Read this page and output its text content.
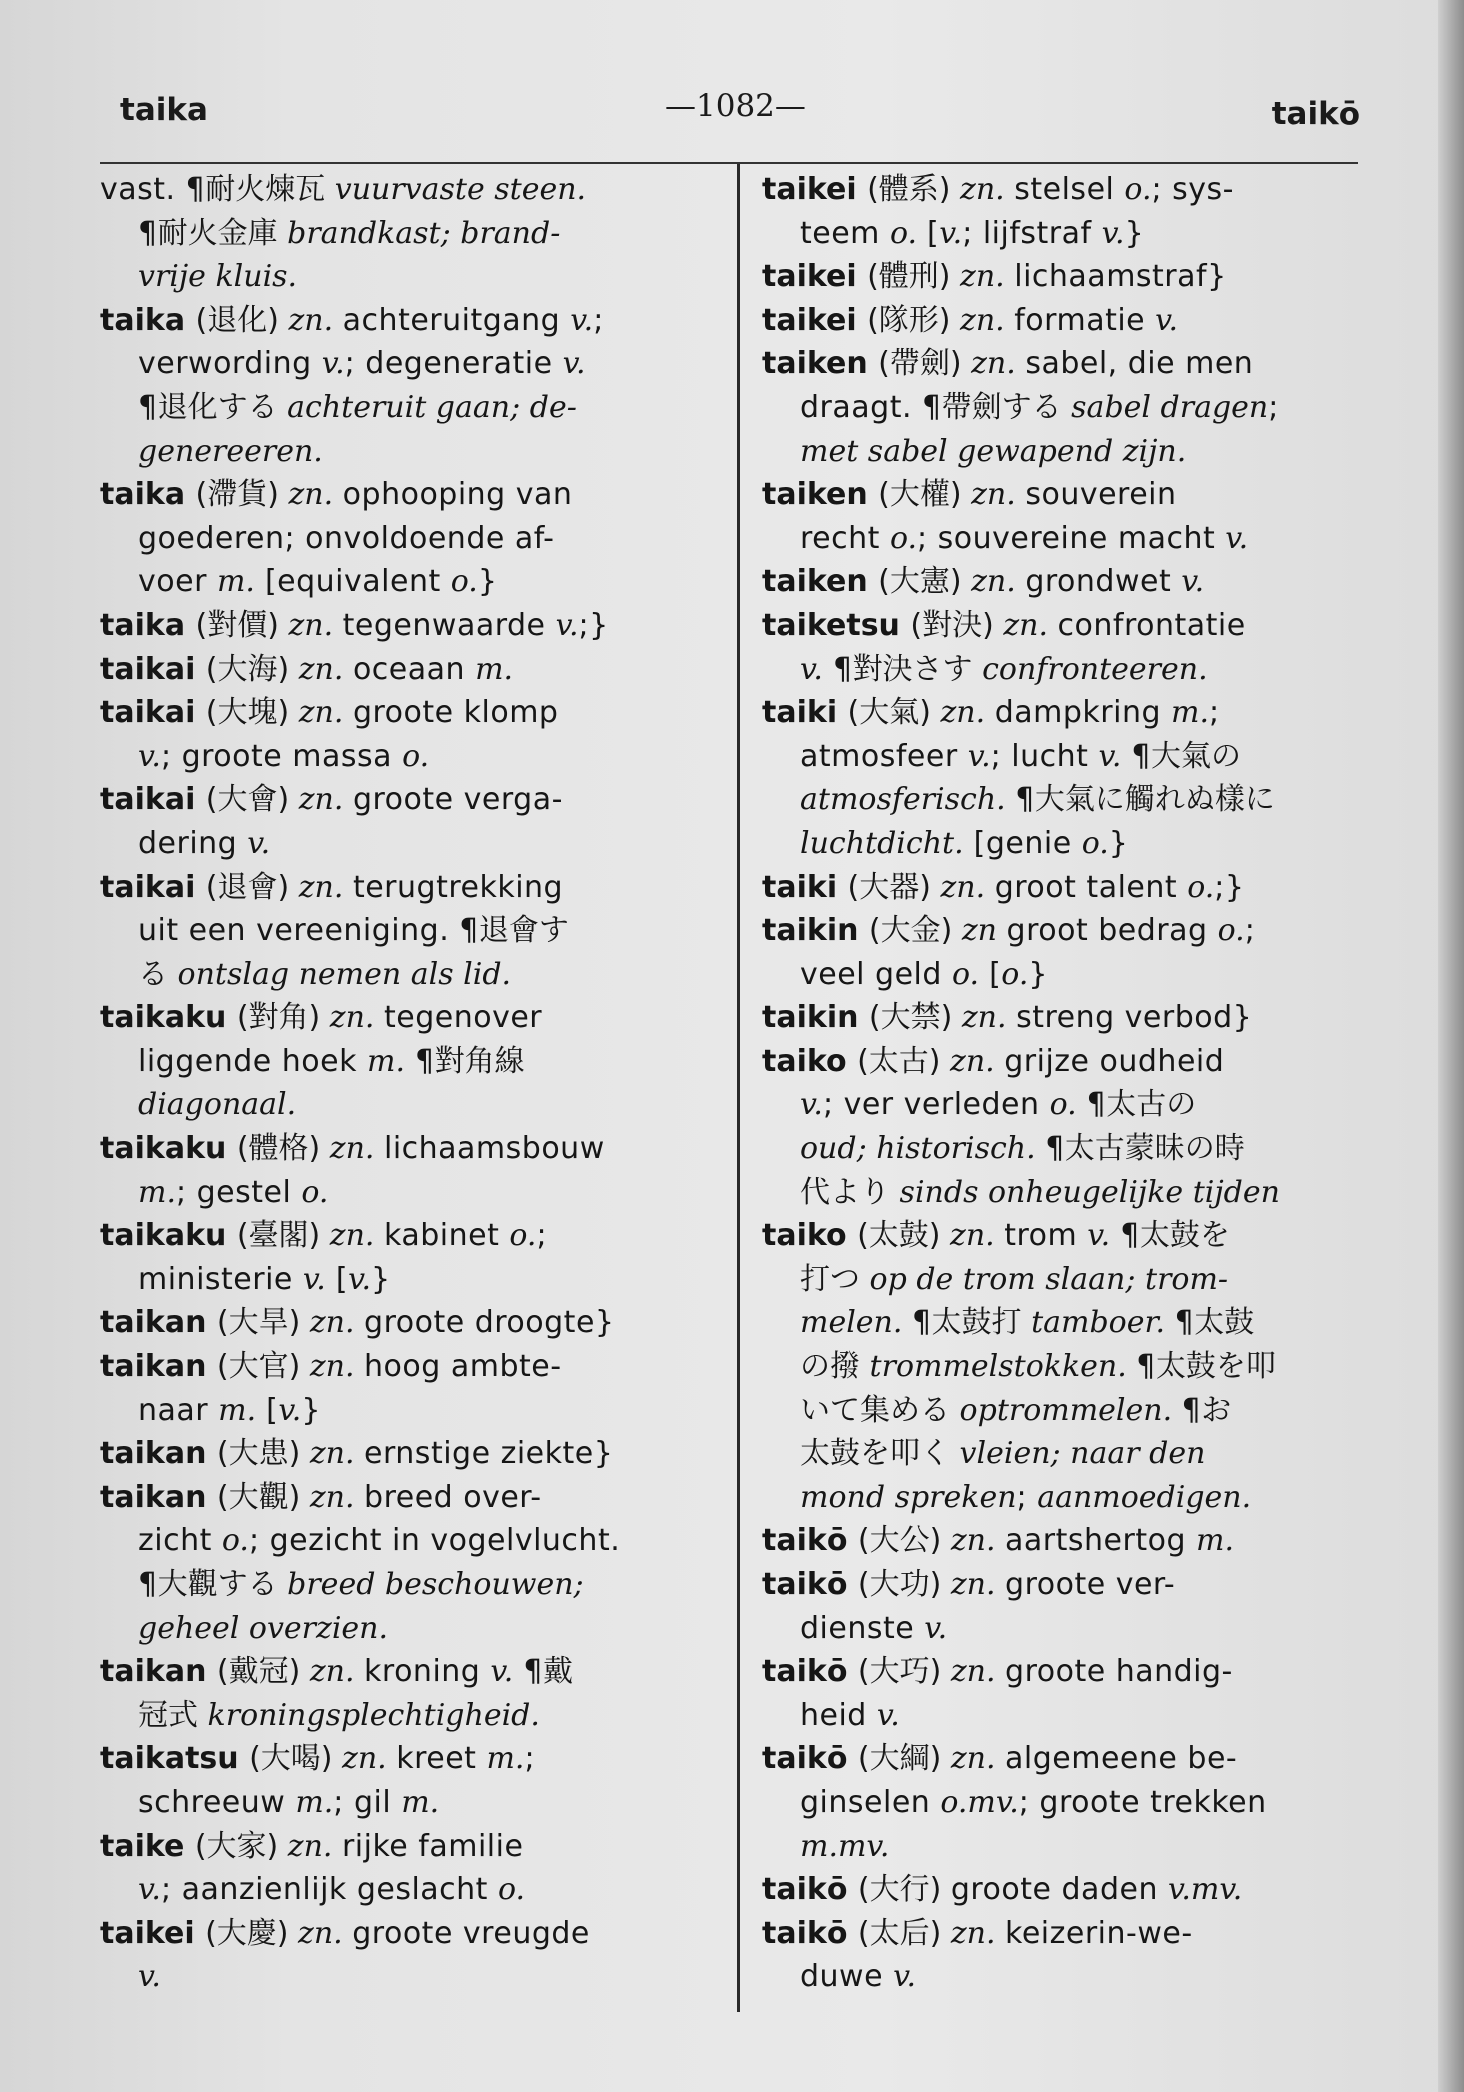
taika	—1082—	taikō
vast. ¶耐火煉瓦 vuurvaste steen.
¶耐火金庫 brandkast; brand-
vrije kluis.
taika (退化) zn. achteruitgang v.;
verwording v.; degeneratie v.
¶退化する achteruit gaan; de-
genereeren.
taika (滯貨) zn. ophooping van
goederen; onvoldoende af-
voer m. [equivalent o.}
taika (對價) zn. tegenwaarde v.;}
taikai (大海) zn. oceaan m.
taikai (大塊) zn. groote klomp
v.; groote massa o.
taikai (大會) zn. groote verga-
dering v.
taikai (退會) zn. terugtrekking
uit een vereeniging. ¶退會す
る ontslag nemen als lid.
taikaku (對角) zn. tegenover
liggende hoek m. ¶對角線
diagonaal.
taikaku (體格) zn. lichaamsbouw
m.; gestel o.
taikaku (臺閣) zn. kabinet o.;
ministerie v. [v.}
taikan (大旱) zn. groote droogte}
taikan (大官) zn. hoog ambte-
naar m. [v.}
taikan (大患) zn. ernstige ziekte}
taikan (大觀) zn. breed over-
zicht o.; gezicht in vogelvlucht.
¶大觀する breed beschouwen;
geheel overzien.
taikan (戴冠) zn. kroning v. ¶戴
冠式 kroningsplechtigheid.
taikatsu (大喝) zn. kreet m.;
schreeuw m.; gil m.
taike (大家) zn. rijke familie
v.; aanzienlijk geslacht o.
taikei (大慶) zn. groote vreugde
v.
taikei (體系) zn. stelsel o.; sys-
teem o. [v.; lijfstraf v.}
taikei (體刑) zn. lichaamstraf}
taikei (隊形) zn. formatie v.
taiken (帶劍) zn. sabel, die men
draagt. ¶帶劍する sabel dragen;
met sabel gewapend zijn.
taiken (大權) zn. souverein
recht o.; souvereine macht v.
taiken (大憲) zn. grondwet v.
taiketsu (對決) zn. confrontatie
v. ¶對決さす confronteeren.
taiki (大氣) zn. dampkring m.;
atmosfeer v.; lucht v. ¶大氣の
atmosferisch. ¶大氣に觸れぬ樣に
luchtdicht. [genie o.}
taiki (大器) zn. groot talent o.;}
taikin (大金) zn groot bedrag o.;
veel geld o. [o.}
taikin (大禁) zn. streng verbod}
taiko (太古) zn. grijze oudheid
v.; ver verleden o. ¶太古の
oud; historisch. ¶太古蒙昧の時
代より sinds onheugelijke tijden
taiko (太鼓) zn. trom v. ¶太鼓を
打つ op de trom slaan; trom-
melen. ¶太鼓打 tamboer. ¶太鼓
の撥 trommelstokken. ¶太鼓を叩
いて集める optrommelen. ¶お
太鼓を叩く vleien; naar den
mond spreken; aanmoedigen.
taikō (大公) zn. aartshertog m.
taikō (大功) zn. groote ver-
dienste v.
taikō (大巧) zn. groote handig-
heid v.
taikō (大綱) zn. algemeene be-
ginselen o.mv.; groote trekken
m.mv.
taikō (大行) groote daden v.mv.
taikō (太后) zn. keizerin-we-
duwe v.
